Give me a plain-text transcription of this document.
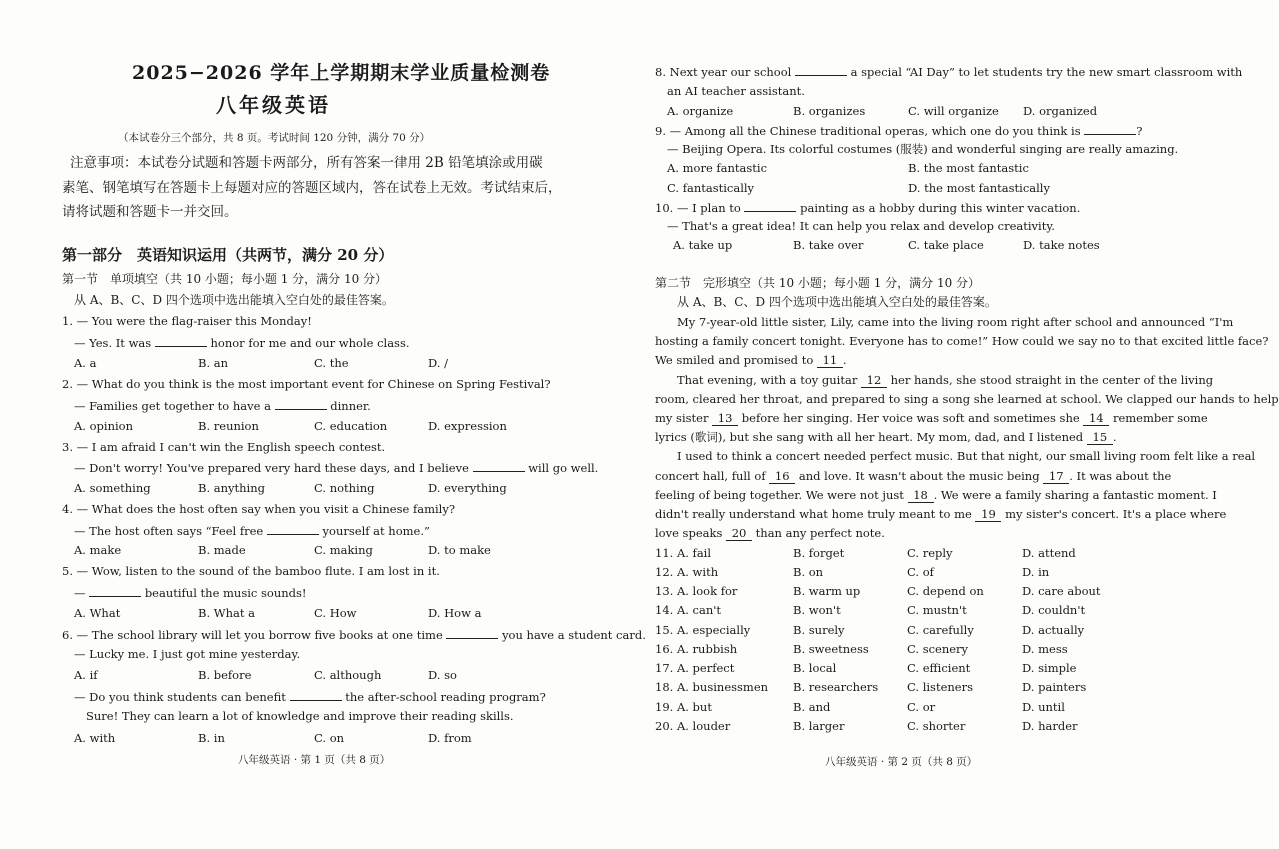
2025−2026 学年上学期期末学业质量检测卷
八年级英语
（本试卷分三个部分，共 8 页。考试时间 120 分钟，满分 70 分）
注意事项：本试卷分试题和答题卡两部分，所有答案一律用 2B 铅笔填涂或用碳
素笔、钢笔填写在答题卡上每题对应的答题区域内，答在试卷上无效。考试结束后，
请将试题和答题卡一并交回。
第一部分　英语知识运用（共两节，满分 20 分）
第一节　单项填空（共 10 小题；每小题 1 分，满分 10 分）
从 A、B、C、D 四个选项中选出能填入空白处的最佳答案。
1. — You were the flag-raiser this Monday!
— Yes. It was	honor for me and our whole class.
A. a	B. an	C. the	D. /
2. — What do you think is the most important event for Chinese on Spring Festival?
— Families get together to have a	dinner.
A. opinion	B. reunion	C. education	D. expression
3. — I am afraid I can't win the English speech contest.
— Don't worry! You've prepared very hard these days, and I believe	will go well.
A. something	B. anything	C. nothing	D. everything
4. — What does the host often say when you visit a Chinese family?
— The host often says “Feel free	yourself at home.”
A. make	B. made	C. making	D. to make
5. — Wow, listen to the sound of the bamboo flute. I am lost in it.
—	beautiful the music sounds!
A. What	B. What a	C. How	D. How a
6. — The school library will let you borrow five books at one time	you have a student card.
— Lucky me. I just got mine yesterday.
A. if	B. before	C. although	D. so
— Do you think students can benefit	the after-school reading program?
Sure! They can learn a lot of knowledge and improve their reading skills.
A. with	B. in	C. on	D. from
八年级英语 · 第 1 页（共 8 页）
8. Next year our school	a special “AI Day” to let students try the new smart classroom with
an AI teacher assistant.
A. organize	B. organizes	C. will organize D. organized
9. — Among all the Chinese traditional operas, which one do you think is	?
— Beijing Opera. Its colorful costumes (服装) and wonderful singing are really amazing.
A. more fantastic	B. the most fantastic
C. fantastically	D. the most fantastically
10. — I plan to	painting as a hobby during this winter vacation.
— That's a great idea! It can help you relax and develop creativity.
A. take up	B. take over	C. take place	D. take notes
第二节　完形填空（共 10 小题；每小题 1 分，满分 10 分）
从 A、B、C、D 四个选项中选出能填入空白处的最佳答案。
My 7-year-old little sister, Lily, came into the living room right after school and announced “I'm
hosting a family concert tonight. Everyone has to come!” How could we say no to that excited little face?
We smiled and promised to 11 .
That evening, with a toy guitar 12 her hands, she stood straight in the center of the living
room, cleared her throat, and prepared to sing a song she learned at school. We clapped our hands to help
my sister 13 before her singing. Her voice was soft and sometimes she 14 remember some
lyrics (歌词), but she sang with all her heart. My mom, dad, and I listened 15 .
I used to think a concert needed perfect music. But that night, our small living room felt like a real
concert hall, full of 16 and love. It wasn't about the music being 17 . It was about the
feeling of being together. We were not just 18 . We were a family sharing a fantastic moment. I
didn't really understand what home truly meant to me 19 my sister's concert. It's a place where
love speaks 20 than any perfect note.
11. A. fail	B. forget	C. reply	D. attend
12. A. with	B. on	C. of	D. in
13. A. look for	B. warm up	C. depend on	D. care about
14. A. can't	B. won't	C. mustn't	D. couldn't
15. A. especially	B. surely	C. carefully	D. actually
16. A. rubbish	B. sweetness	C. scenery	D. mess
17. A. perfect	B. local	C. efficient	D. simple
18. A. businessmen B. researchers	C. listeners	D. painters
19. A. but	B. and	C. or	D. until
20. A. louder	B. larger	C. shorter	D. harder
八年级英语 · 第 2 页（共 8 页）
